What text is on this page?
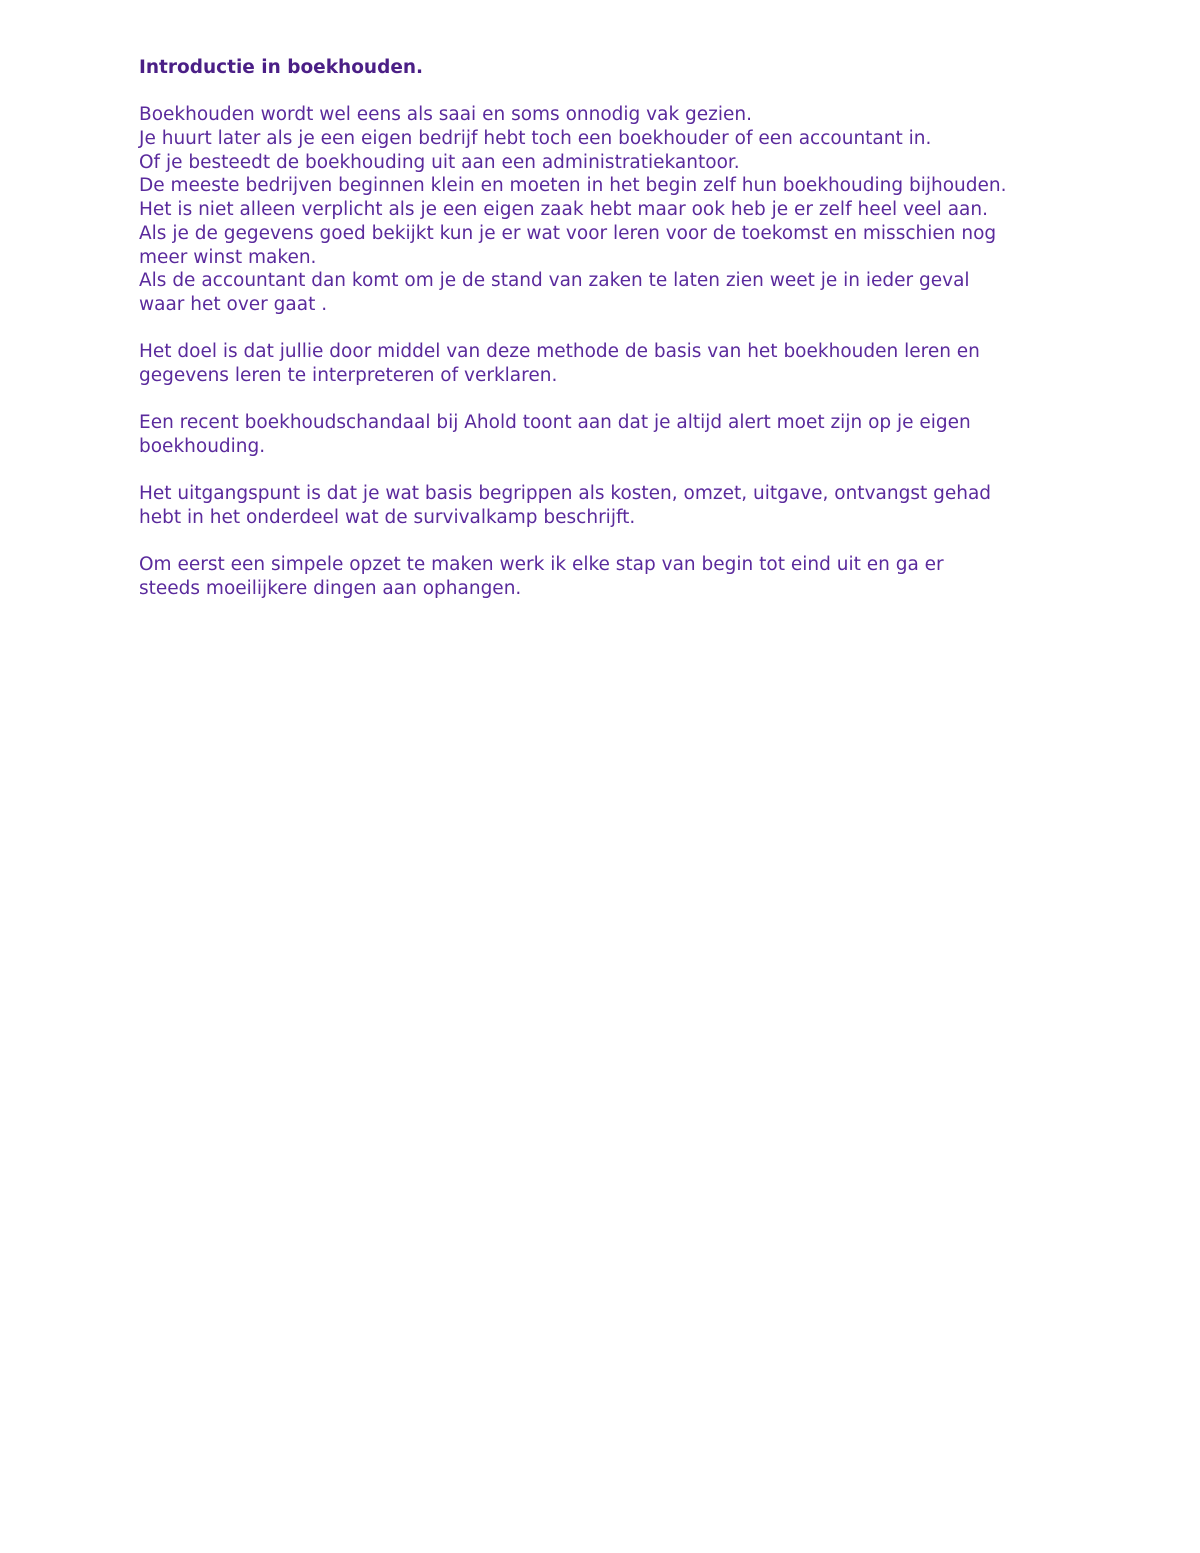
Introductie in boekhouden.
Boekhouden wordt wel eens als saai en soms onnodig vak gezien.
Je huurt later als je een eigen bedrijf hebt toch een boekhouder of een accountant in.
Of je besteedt de boekhouding uit aan een administratiekantoor.
De meeste bedrijven beginnen klein en moeten in het begin zelf hun boekhouding bijhouden.
Het is niet alleen verplicht als je een eigen zaak hebt maar ook heb je er zelf heel veel aan.
Als je de gegevens goed bekijkt kun je er wat voor leren voor de toekomst en misschien nog
meer winst maken.
Als de accountant dan komt om je de stand van zaken te laten zien weet je in ieder geval
waar het over gaat .
Het doel is dat jullie door middel van deze methode de basis van het boekhouden leren en
gegevens leren te interpreteren of verklaren.
Een recent boekhoudschandaal bij Ahold toont aan dat je altijd alert moet zijn op je eigen
boekhouding.
Het uitgangspunt is dat je wat basis begrippen als kosten, omzet, uitgave, ontvangst gehad
hebt in het onderdeel wat de survivalkamp beschrijft.
Om eerst een simpele opzet te maken werk ik elke stap van begin tot eind uit en ga er
steeds moeilijkere dingen aan ophangen.
